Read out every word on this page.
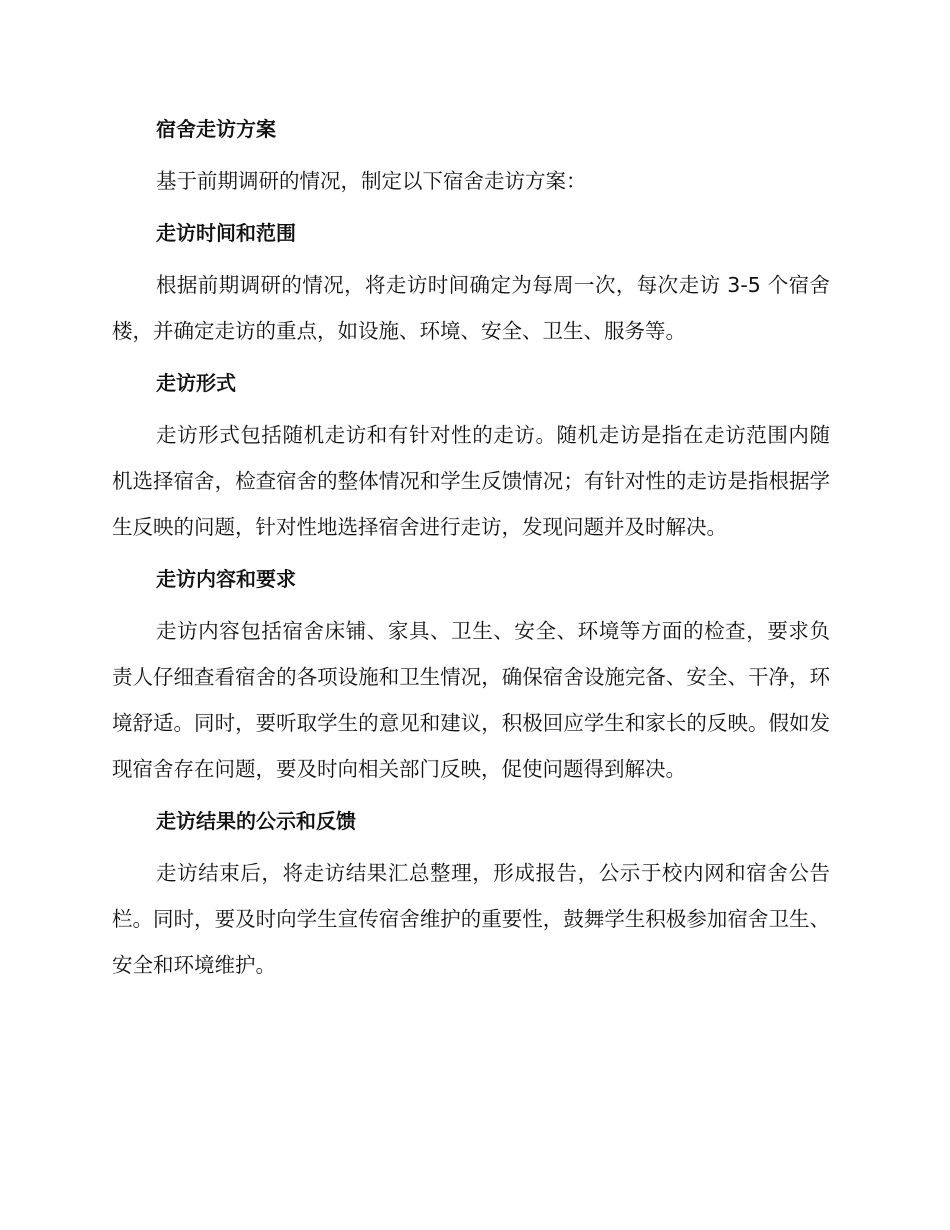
宿舍走访方案
基于前期调研的情况，制定以下宿舍走访方案：
走访时间和范围
根据前期调研的情况，将走访时间确定为每周一次，每次走访 3-5 个宿舍楼，并确定走访的重点，如设施、环境、安全、卫生、服务等。
走访形式
走访形式包括随机走访和有针对性的走访。随机走访是指在走访范围内随机选择宿舍，检查宿舍的整体情况和学生反馈情况；有针对性的走访是指根据学生反映的问题，针对性地选择宿舍进行走访，发现问题并及时解决。
走访内容和要求
走访内容包括宿舍床铺、家具、卫生、安全、环境等方面的检查，要求负责人仔细查看宿舍的各项设施和卫生情况，确保宿舍设施完备、安全、干净，环境舒适。同时，要听取学生的意见和建议，积极回应学生和家长的反映。假如发现宿舍存在问题，要及时向相关部门反映，促使问题得到解决。
走访结果的公示和反馈
走访结束后，将走访结果汇总整理，形成报告，公示于校内网和宿舍公告栏。同时，要及时向学生宣传宿舍维护的重要性，鼓舞学生积极参加宿舍卫生、安全和环境维护。
